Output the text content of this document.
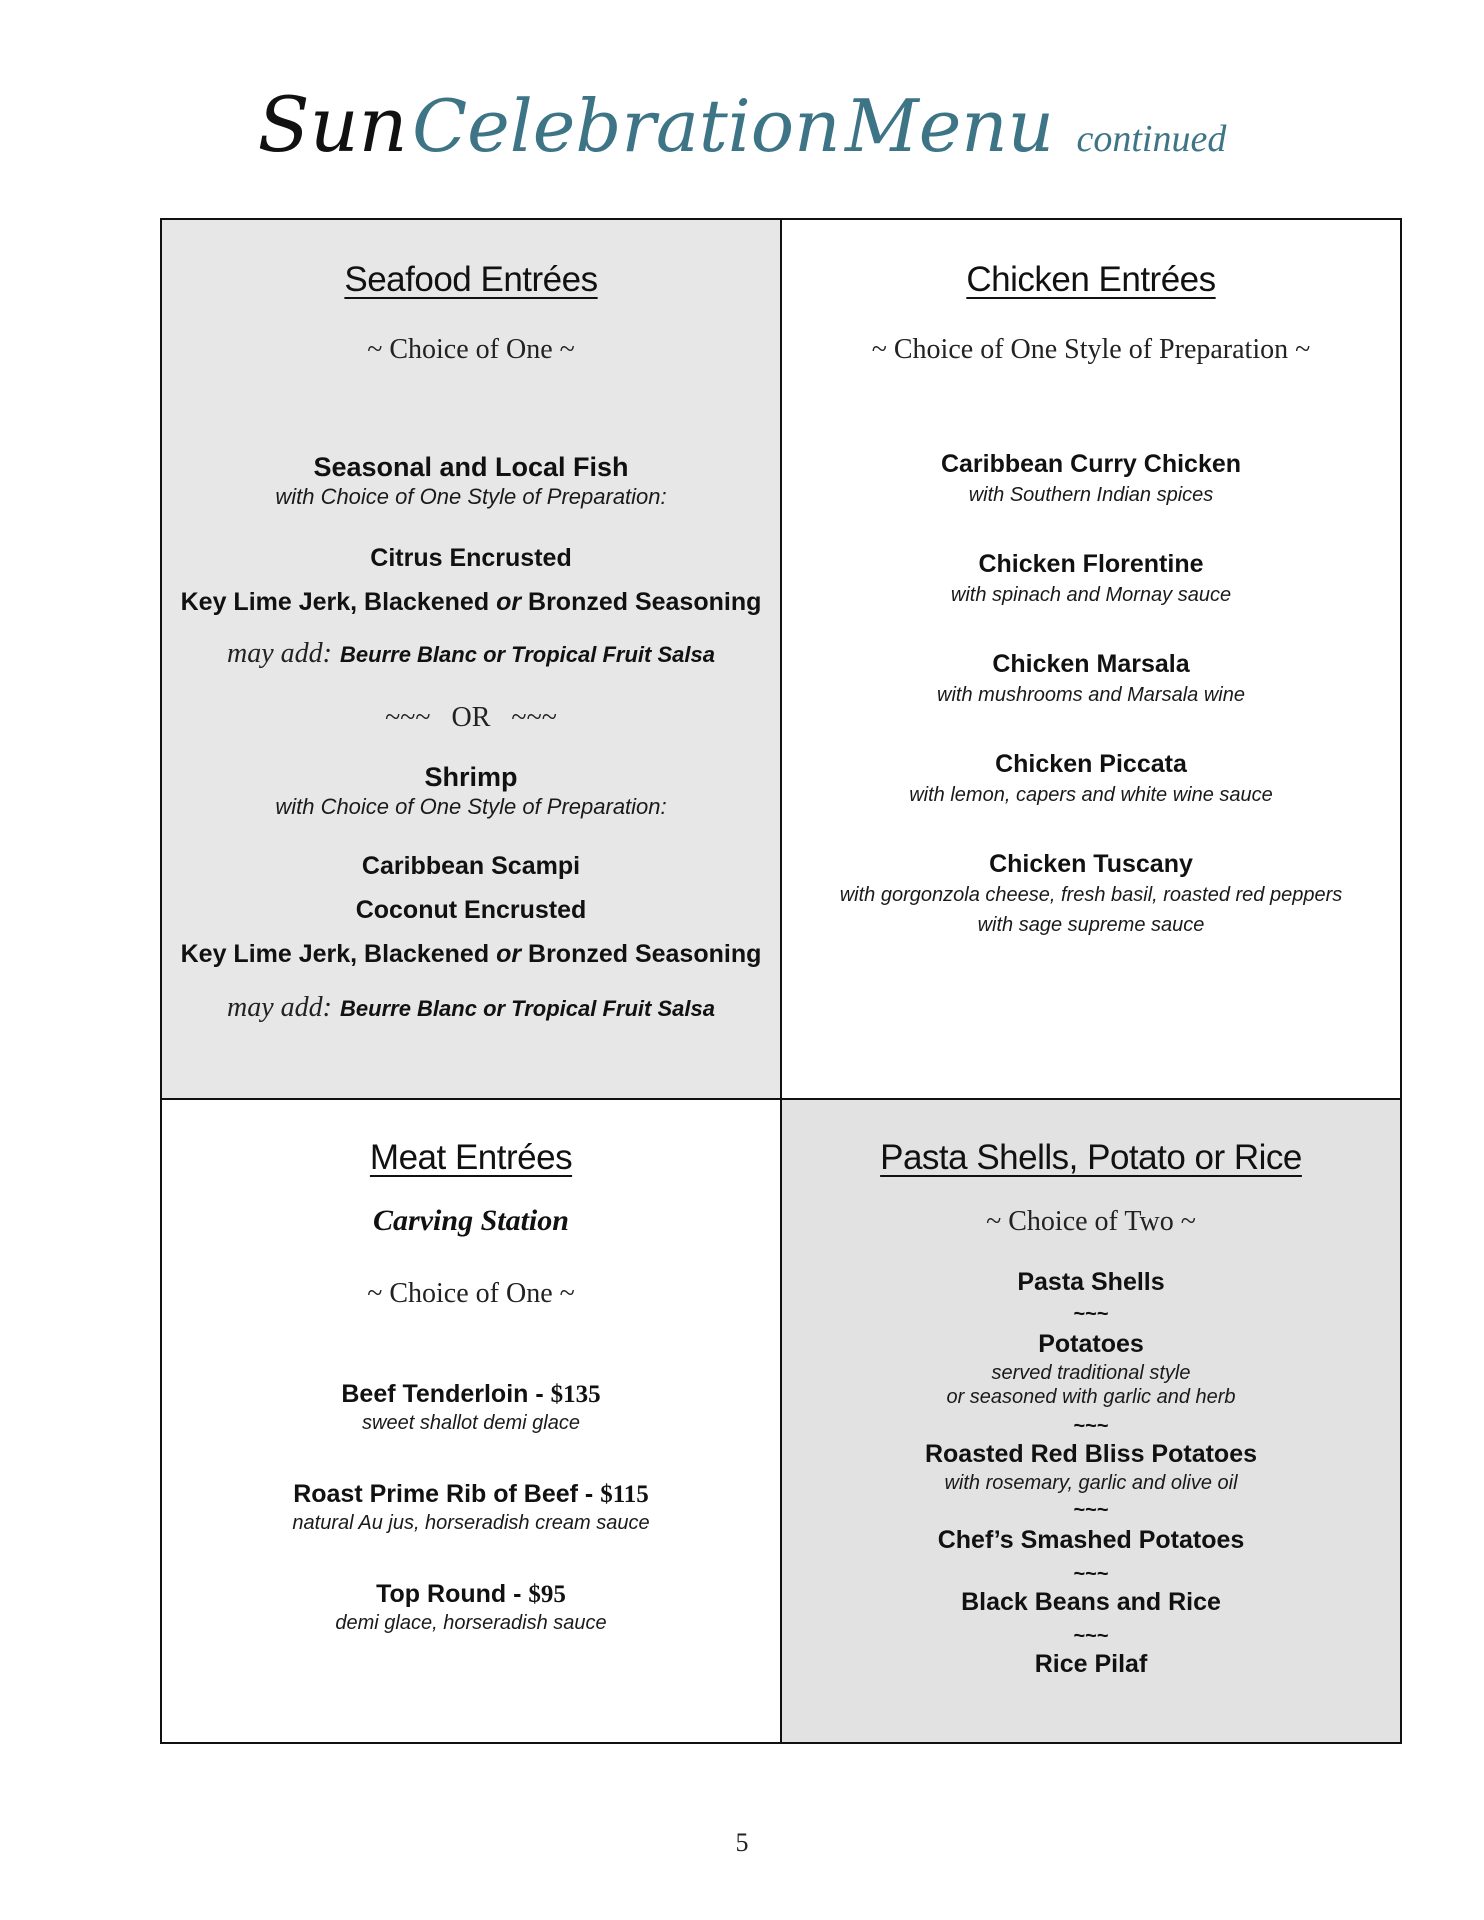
Sun Celebration Menu continued
Seafood Entrées
~ Choice of One ~
Seasonal and Local Fish
with Choice of One Style of Preparation:
Citrus Encrusted
Key Lime Jerk, Blackened or Bronzed Seasoning
may add: Beurre Blanc or Tropical Fruit Salsa
~~~   OR   ~~~
Shrimp
with Choice of One Style of Preparation:
Caribbean Scampi
Coconut Encrusted
Key Lime Jerk, Blackened or Bronzed Seasoning
may add: Beurre Blanc or Tropical Fruit Salsa
Chicken Entrées
~ Choice of One Style of Preparation ~
Caribbean Curry Chicken
with Southern Indian spices
Chicken Florentine
with spinach and Mornay sauce
Chicken Marsala
with mushrooms and Marsala wine
Chicken Piccata
with lemon, capers and white wine sauce
Chicken Tuscany
with gorgonzola cheese, fresh basil, roasted red peppers
with sage supreme sauce
Meat Entrées
Carving Station
~ Choice of One ~
Beef Tenderloin - $135
sweet shallot demi glace
Roast Prime Rib of Beef - $115
natural Au jus, horseradish cream sauce
Top Round - $95
demi glace, horseradish sauce
Pasta Shells, Potato or Rice
~ Choice of Two ~
Pasta Shells
~~~
Potatoes
served traditional style
or seasoned with garlic and herb
~~~
Roasted Red Bliss Potatoes
with rosemary, garlic and olive oil
~~~
Chef’s Smashed Potatoes
~~~
Black Beans and Rice
~~~
Rice Pilaf
5
